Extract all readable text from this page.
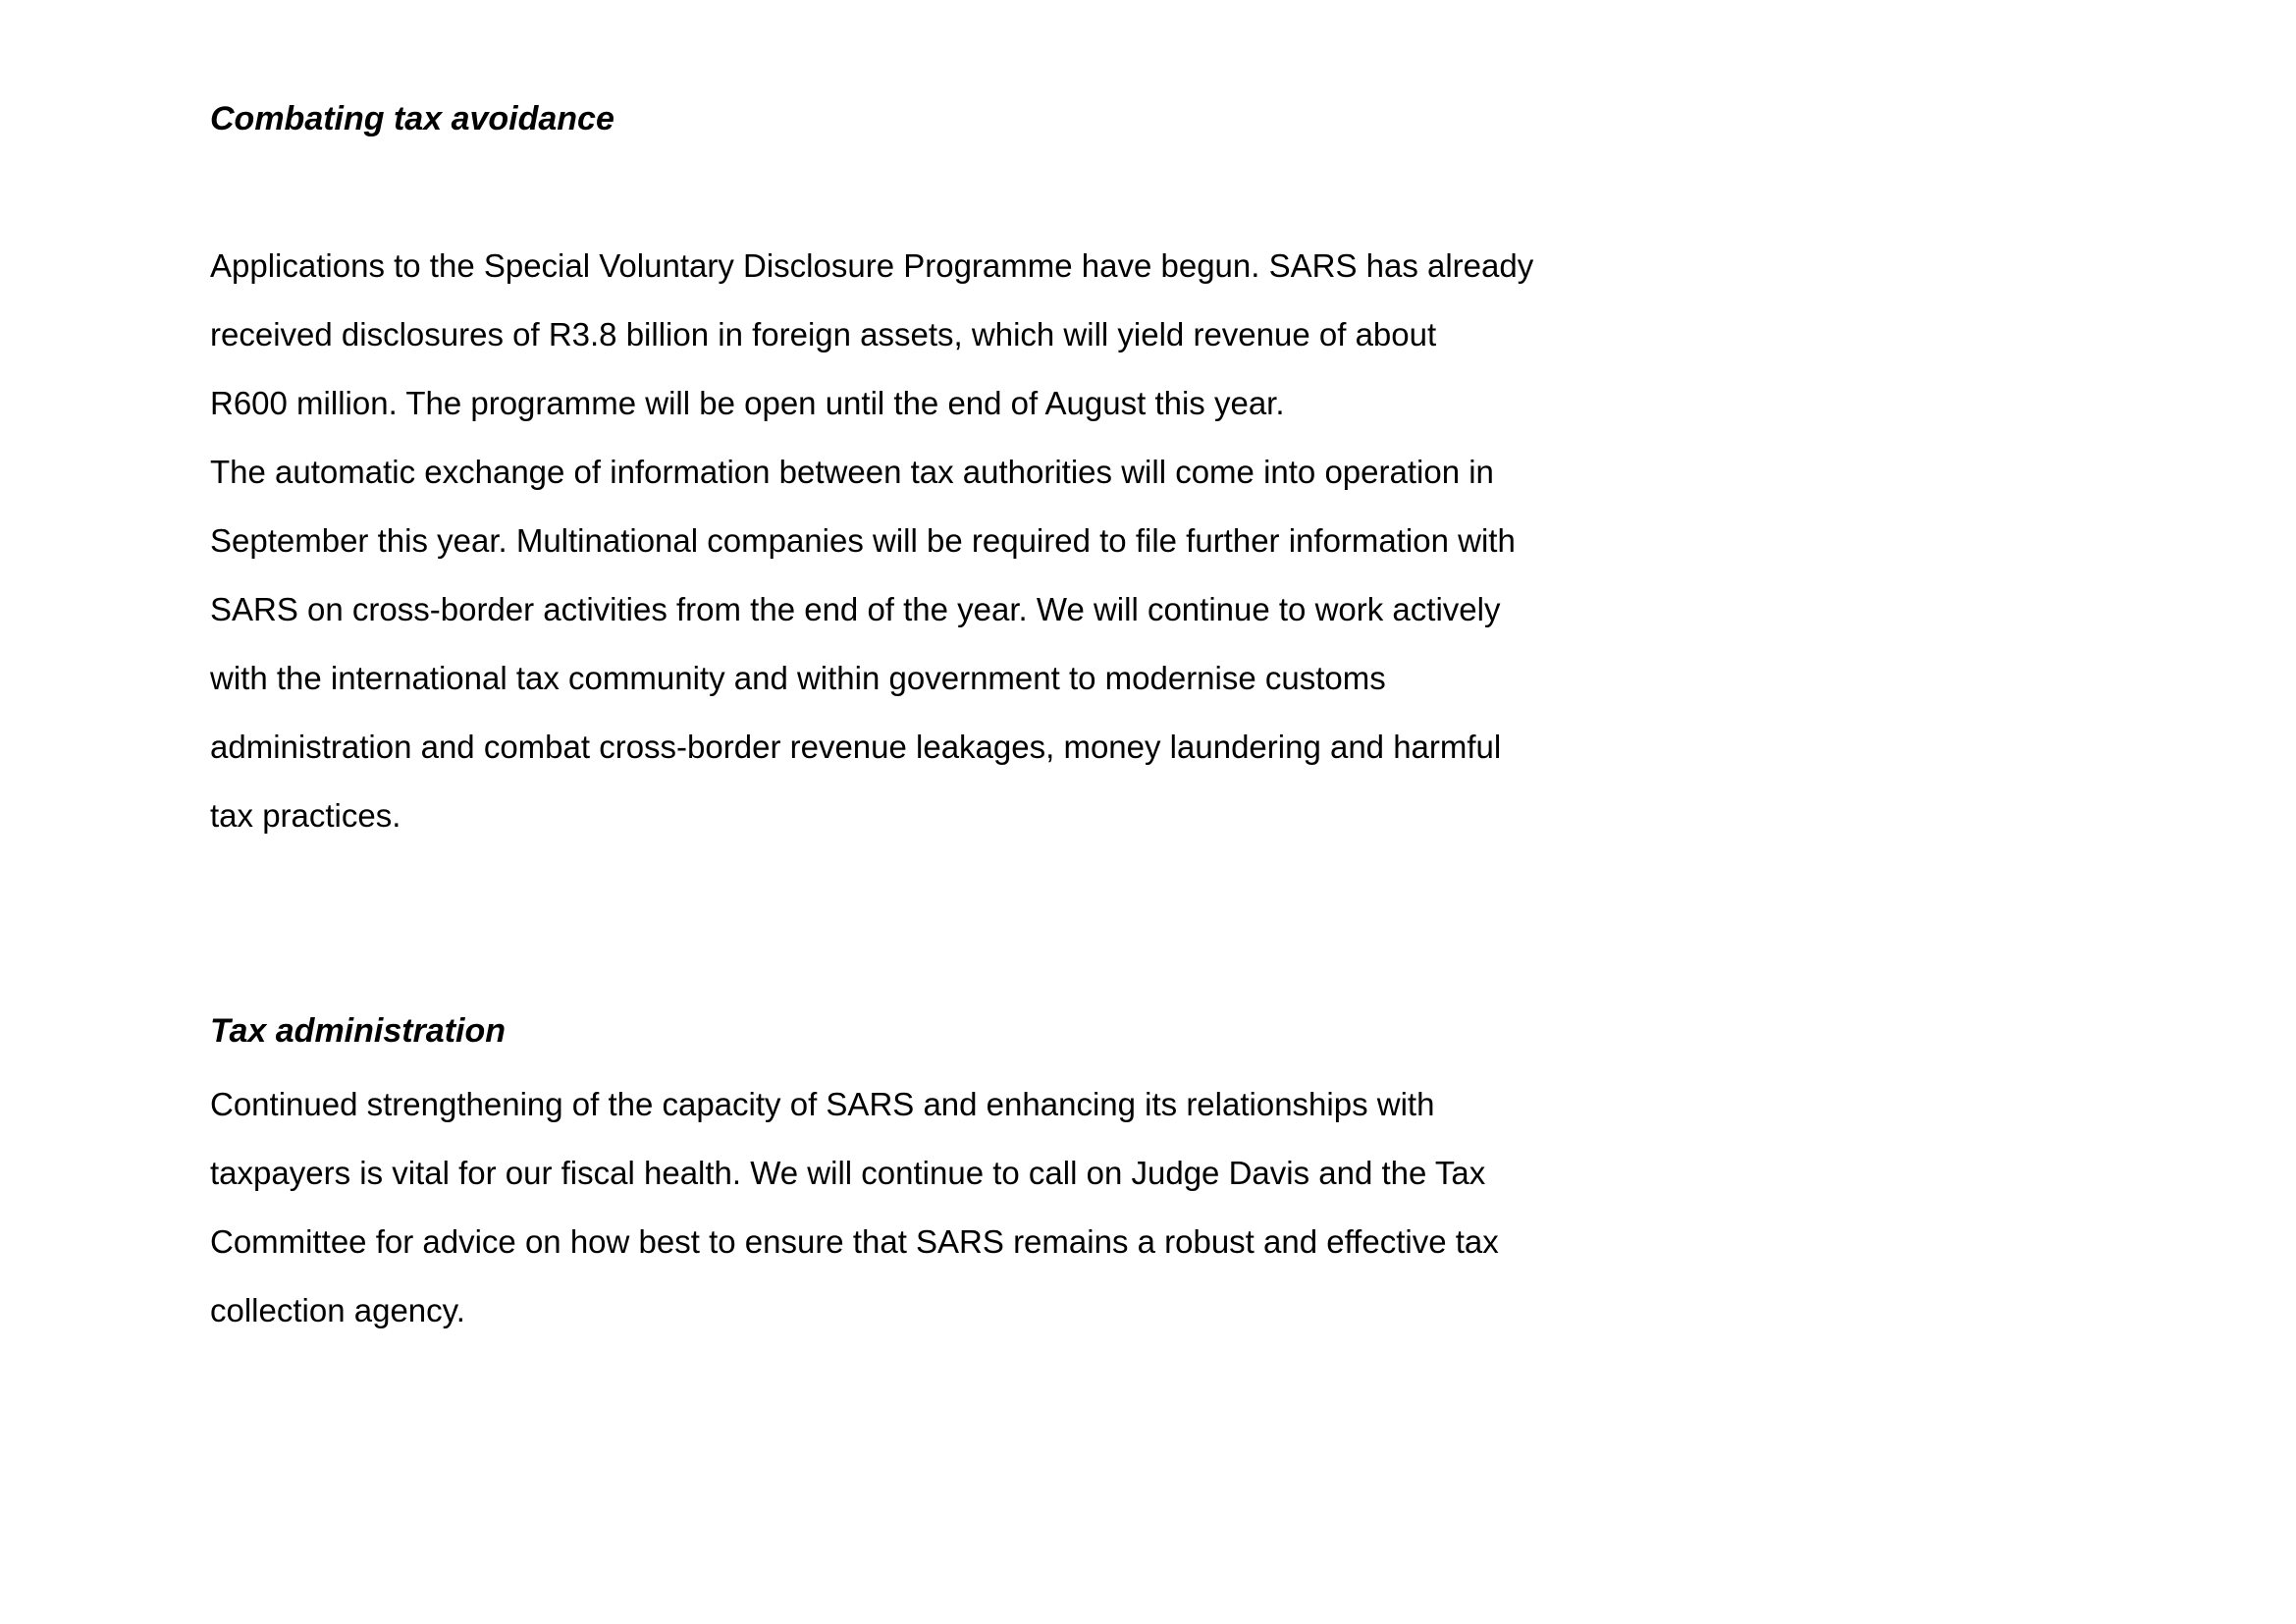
Combating tax avoidance
Applications to the Special Voluntary Disclosure Programme have begun. SARS has already
received disclosures of R3.8 billion in foreign assets, which will yield revenue of about
R600 million. The programme will be open until the end of August this year.
The automatic exchange of information between tax authorities will come into operation in
September this year. Multinational companies will be required to file further information with
SARS on cross-border activities from the end of the year. We will continue to work actively
with the international tax community and within government to modernise customs
administration and combat cross-border revenue leakages, money laundering and harmful
tax practices.
Tax administration
Continued strengthening of the capacity of SARS and enhancing its relationships with
taxpayers is vital for our fiscal health. We will continue to call on Judge Davis and the Tax
Committee for advice on how best to ensure that SARS remains a robust and effective tax
collection agency.
